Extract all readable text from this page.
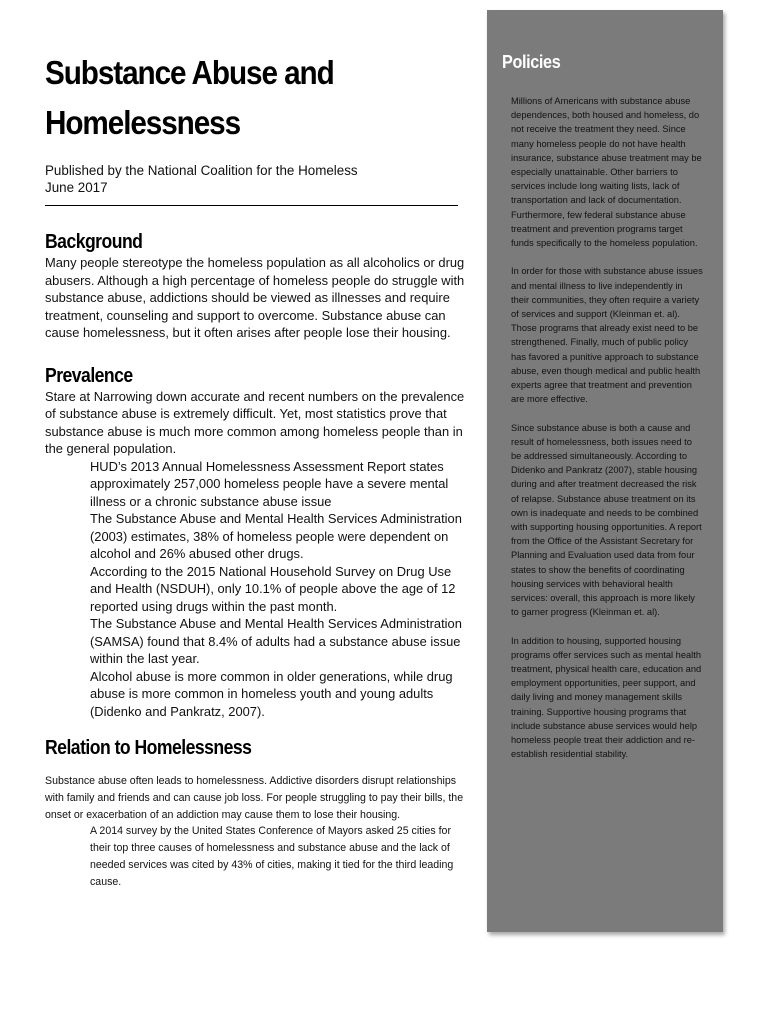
Substance Abuse and
Homelessness
Published by the National Coalition for the Homeless
June 2017
Background

Many people stereotype the homeless population as all alcoholics or drug abusers. Although a high percentage of homeless people do struggle with substance abuse, addictions should be viewed as illnesses and require treatment, counseling and support to overcome. Substance abuse can cause homelessness, but it often arises after people lose their housing.

Prevalence

Stare at Narrowing down accurate and recent numbers on the prevalence of substance abuse is extremely difficult. Yet, most statistics prove that substance abuse is much more common among homeless people than in the general population.

HUD’s 2013 Annual Homelessness Assessment Report states approximately 257,000 homeless people have a severe mental illness or a chronic substance abuse issue

The Substance Abuse and Mental Health Services Administration (2003) estimates, 38% of homeless people were dependent on alcohol and 26% abused other drugs.

According to the 2015 National Household Survey on Drug Use and Health (NSDUH), only 10.1% of people above the age of 12 reported using drugs within the past month.

The Substance Abuse and Mental Health Services Administration (SAMSA) found that 8.4% of adults had a substance abuse issue within the last year.

Alcohol abuse is more common in older generations, while drug abuse is more common in homeless youth and young adults (Didenko and Pankratz, 2007).

Relation to Homelessness

Substance abuse often leads to homelessness. Addictive disorders disrupt relationships with family and friends and can cause job loss. For people struggling to pay their bills, the onset or exacerbation of an addiction may cause them to lose their housing.

A 2014 survey by the United States Conference of Mayors asked 25 cities for their top three causes of homelessness and substance abuse and the lack of needed services was cited by 43% of cities, making it tied for the third leading cause.

Policies

Millions of Americans with substance abuse dependences, both housed and homeless, do not receive the treatment they need. Since many homeless people do not have health insurance, substance abuse treatment may be especially unattainable. Other barriers to services include long waiting lists, lack of transportation and lack of documentation. Furthermore, few federal substance abuse treatment and prevention programs target funds specifically to the homeless population.

In order for those with substance abuse issues and mental illness to live independently in their communities, they often require a variety of services and support (Kleinman et. al). Those programs that already exist need to be strengthened. Finally, much of public policy has favored a punitive approach to substance abuse, even though medical and public health experts agree that treatment and prevention are more effective.

Since substance abuse is both a cause and result of homelessness, both issues need to be addressed simultaneously. According to Didenko and Pankratz (2007), stable housing during and after treatment decreased the risk of relapse. Substance abuse treatment on its own is inadequate and needs to be combined with supporting housing opportunities. A report from the Office of the Assistant Secretary for Planning and Evaluation used data from four states to show the benefits of coordinating housing services with behavioral health services: overall, this approach is more likely to garner progress (Kleinman et. al).

In addition to housing, supported housing programs offer services such as mental health treatment, physical health care, education and employment opportunities, peer support, and daily living and money management skills training. Supportive housing programs that include substance abuse services would help homeless people treat their addiction and re-establish residential stability.
